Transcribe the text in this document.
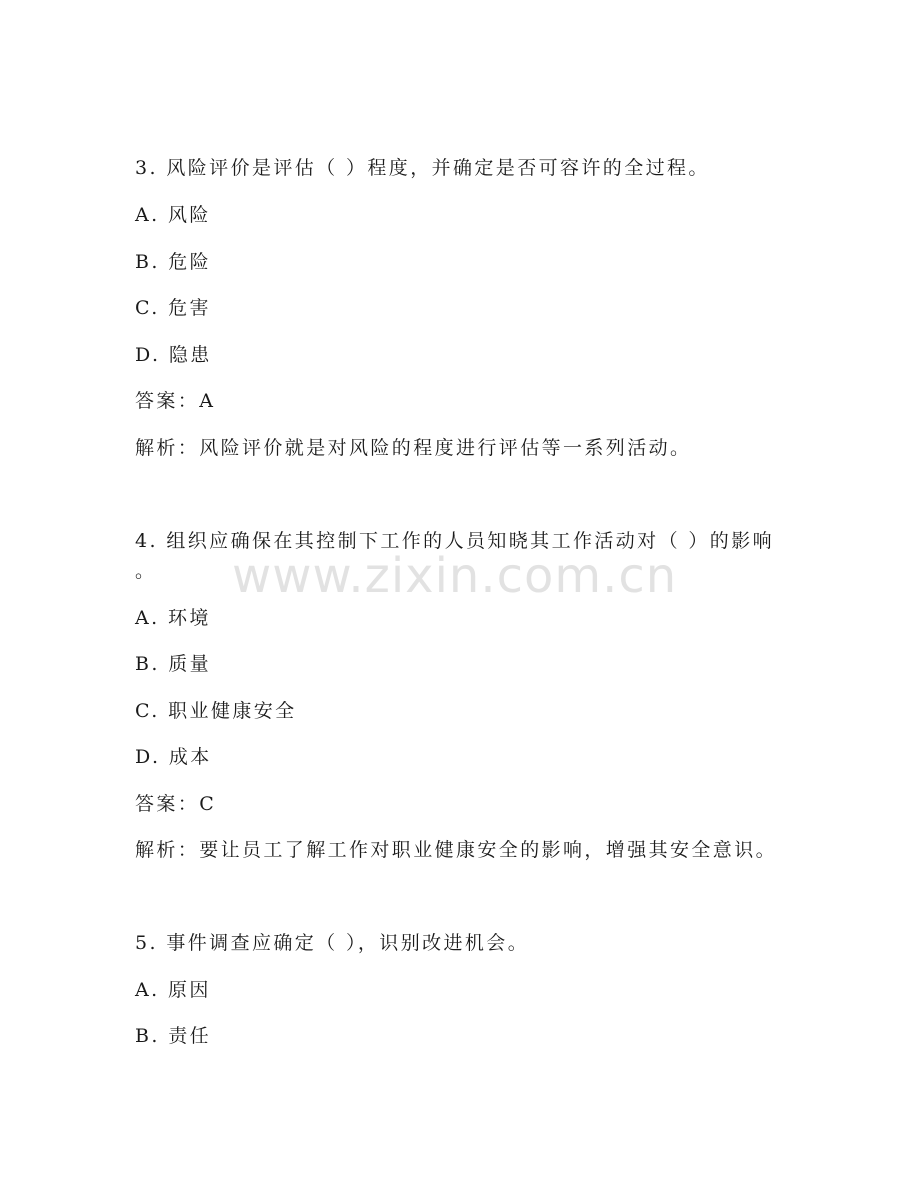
www.zixin.com.cn
3. 风险评价是评估（ ）程度，并确定是否可容许的全过程。
A. 风险
B. 危险
C. 危害
D. 隐患
答案：A
解析：风险评价就是对风险的程度进行评估等一系列活动。
4. 组织应确保在其控制下工作的人员知晓其工作活动对（ ）的影响
。
A. 环境
B. 质量
C. 职业健康安全
D. 成本
答案：C
解析：要让员工了解工作对职业健康安全的影响，增强其安全意识。
5. 事件调查应确定（ ），识别改进机会。
A. 原因
B. 责任
